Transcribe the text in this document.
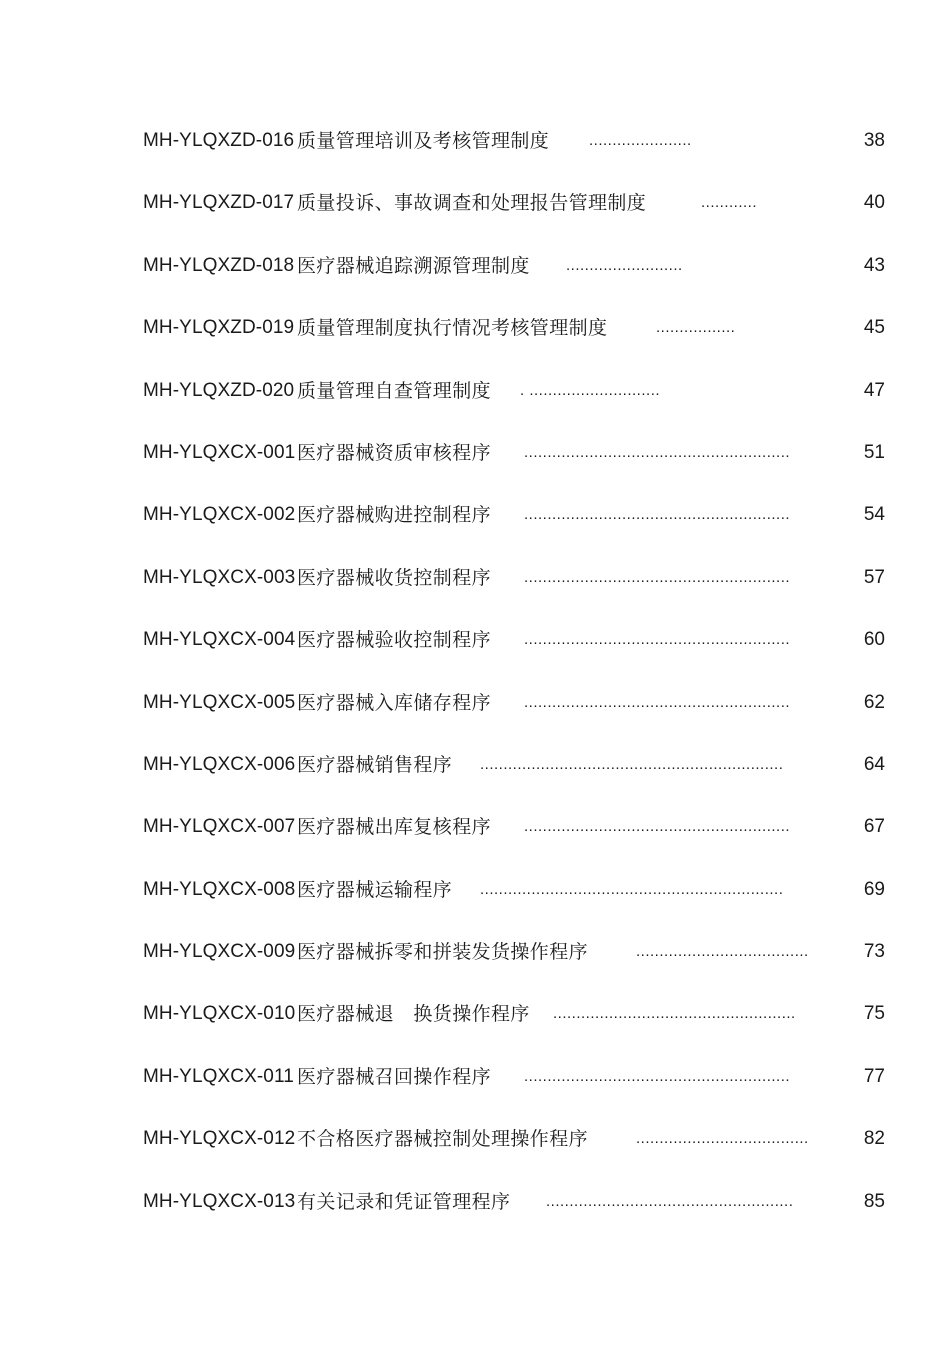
MH-YLQXZD-016 质量管理培训及考核管理制度	......................	38
MH-YLQXZD-017 质量投诉、事故调查和处理报告管理制度	............	40
MH-YLQXZD-018 医疗器械追踪溯源管理制度 .........................	43
MH-YLQXZD-019 质量管理制度执行情况考核管理制度	.................	45
MH-YLQXZD-020 质量管理自查管理制度 . ............................	47
MH-YLQXCX-001 医疗器械资质审核程序 .........................................................	51
MH-YLQXCX-002 医疗器械购进控制程序 .........................................................	54
MH-YLQXCX-003 医疗器械收货控制程序 .........................................................	57
MH-YLQXCX-004 医疗器械验收控制程序 .........................................................	60
MH-YLQXCX-005 医疗器械入库储存程序 .........................................................	62
MH-YLQXCX-006 医疗器械销售程序 .................................................................	64
MH-YLQXCX-007 医疗器械出库复核程序 .........................................................	67
MH-YLQXCX-008 医疗器械运输程序 .................................................................	69
MH-YLQXCX-009 医疗器械拆零和拼装发货操作程序	.....................................	73
MH-YLQXCX-010 医疗器械退　换货操作程序 ....................................................	75
MH-YLQXCX-011 医疗器械召回操作程序 .........................................................	77
MH-YLQXCX-012 不合格医疗器械控制处理操作程序	.....................................	82
MH-YLQXCX-013 有关记录和凭证管理程序 .....................................................	85
